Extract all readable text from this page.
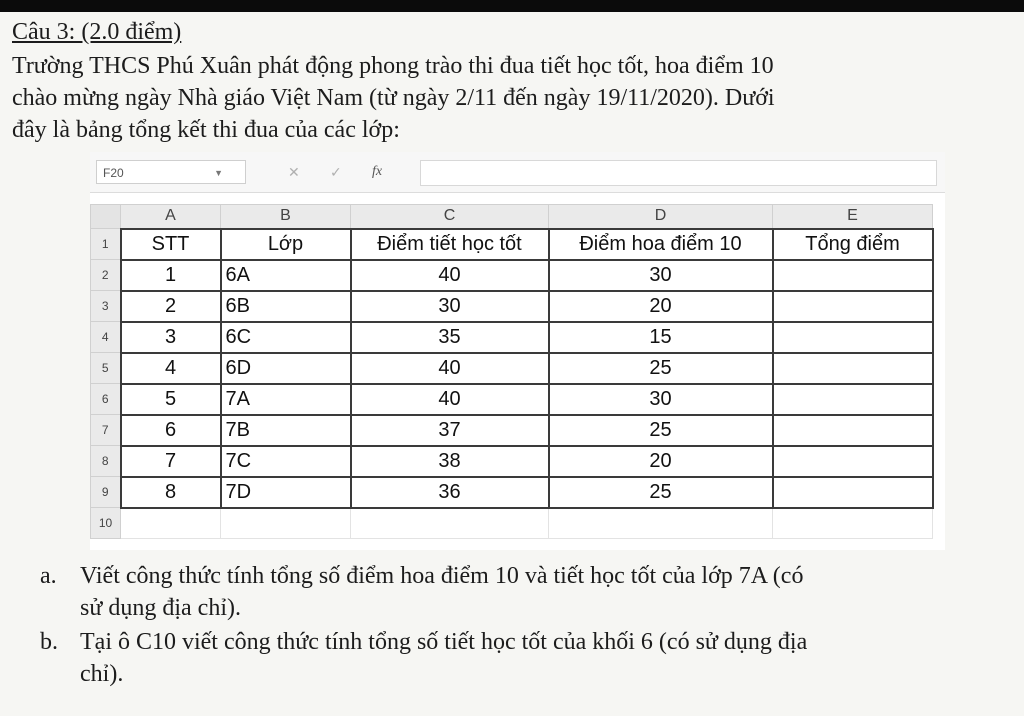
Câu 3: (2.0 điểm)
Trường THCS Phú Xuân phát động phong trào thi đua tiết học tốt, hoa điểm 10
chào mừng ngày Nhà giáo Việt Nam (từ ngày 2/11 đến ngày 19/11/2020). Dưới
đây là bảng tổng kết thi đua của các lớp:
F20	▼	✕ ✓ fx
	A	B	C	D	E
1	STT	Lớp	Điểm tiết học tốt	Điểm hoa điểm 10	Tổng điểm
2	1	6A	40	30	
3	2	6B	30	20	
4	3	6C	35	15	
5	4	6D	40	25	
6	5	7A	40	30	
7	6	7B	37	25	
8	7	7C	38	20	
9	8	7D	36	25	
10					
a. Viết công thức tính tổng số điểm hoa điểm 10 và tiết học tốt của lớp 7A (có
sử dụng địa chỉ).
b. Tại ô C10 viết công thức tính tổng số tiết học tốt của khối 6 (có sử dụng địa
chỉ).
